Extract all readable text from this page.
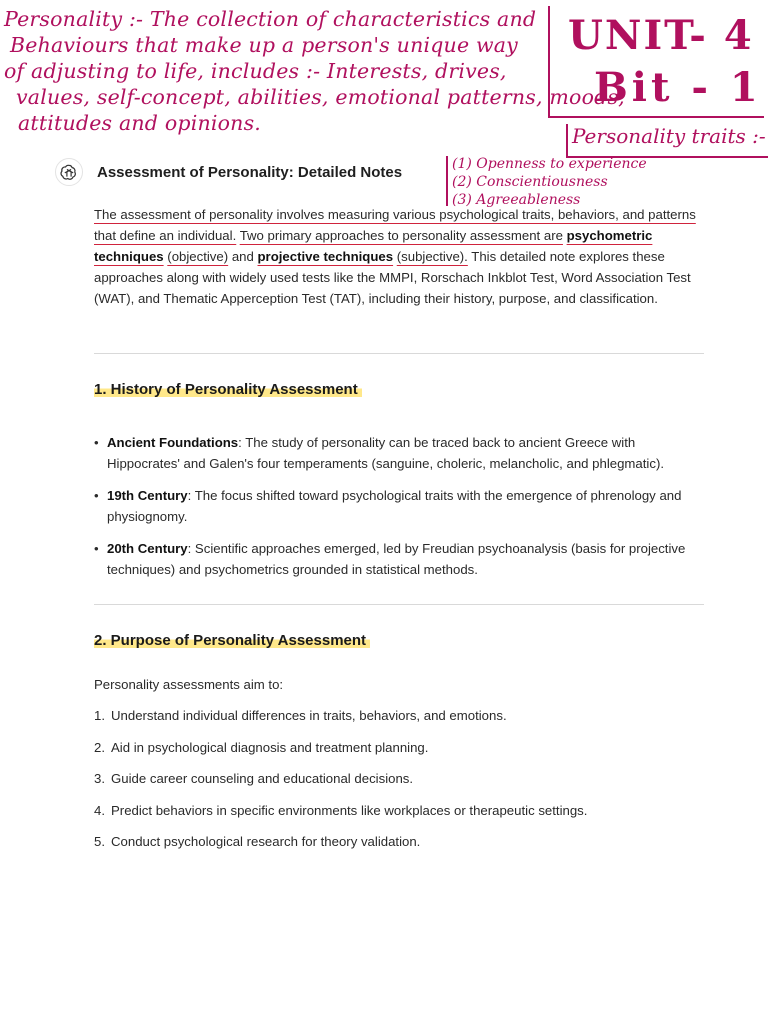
Personality :- The collection of characteristics and
Behaviours that make up a person's unique way
of adjusting to life, includes :- Interests, drives,
values, self-concept, abilities, emotional patterns, moods,
attitudes and opinions.
UNIT- 4
Bit - 1
Personality traits :-
(1) Openness to experience
(2) Conscientiousness
(3) Agreeableness
Assessment of Personality: Detailed Notes

The assessment of personality involves measuring various psychological traits, behaviors, and patterns that define an individual. Two primary approaches to personality assessment are psychometric techniques (objective) and projective techniques (subjective). This detailed note explores these approaches along with widely used tests like the MMPI, Rorschach Inkblot Test, Word Association Test (WAT), and Thematic Apperception Test (TAT), including their history, purpose, and classification.

1. History of Personality Assessment
• Ancient Foundations: The study of personality can be traced back to ancient Greece with Hippocrates' and Galen's four temperaments (sanguine, choleric, melancholic, and phlegmatic).
• 19th Century: The focus shifted toward psychological traits with the emergence of phrenology and physiognomy.
• 20th Century: Scientific approaches emerged, led by Freudian psychoanalysis (basis for projective techniques) and psychometrics grounded in statistical methods.
2. Purpose of Personality Assessment
Personality assessments aim to:
1. Understand individual differences in traits, behaviors, and emotions.
2. Aid in psychological diagnosis and treatment planning.
3. Guide career counseling and educational decisions.
4. Predict behaviors in specific environments like workplaces or therapeutic settings.
5. Conduct psychological research for theory validation.
